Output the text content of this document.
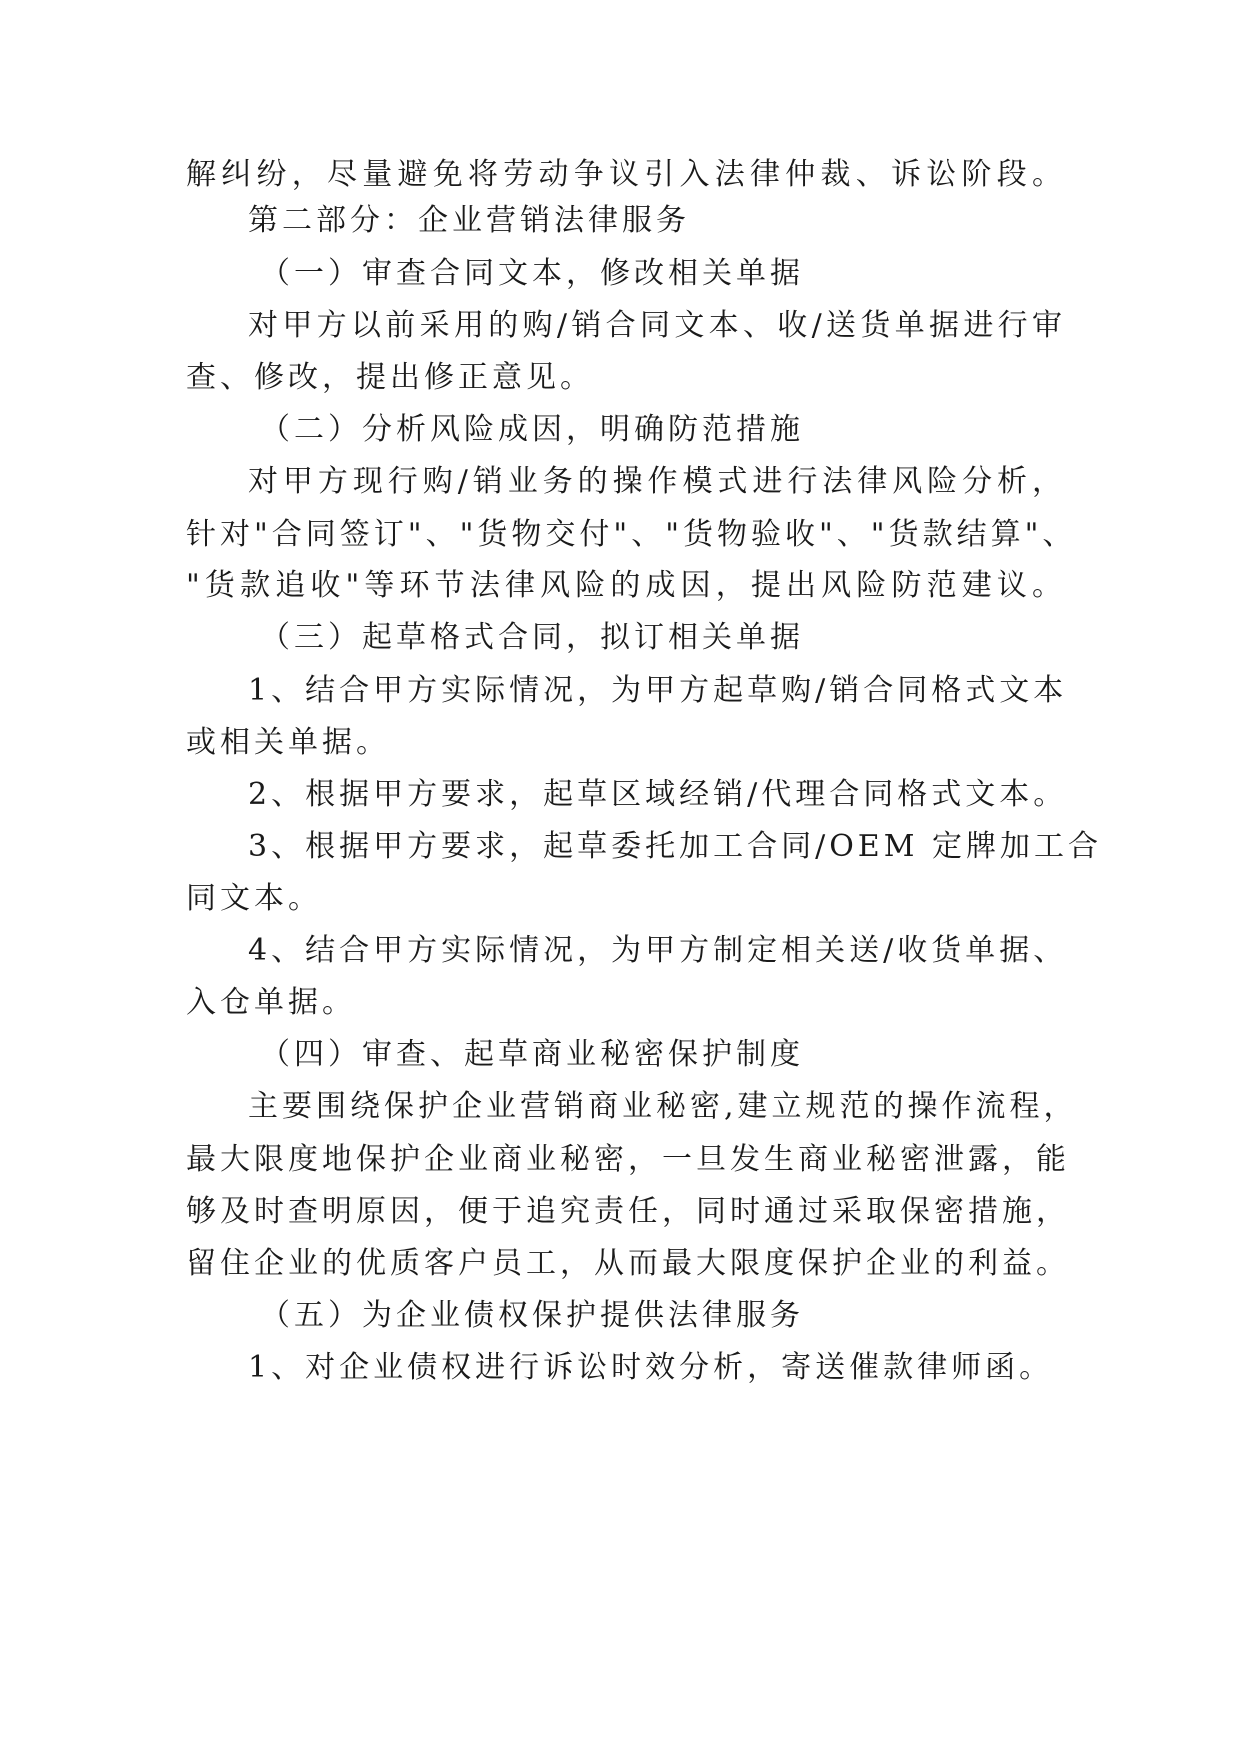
解纠纷，尽量避免将劳动争议引入法律仲裁、诉讼阶段。
第二部分：企业营销法律服务
（一）审查合同文本，修改相关单据
对甲方以前采用的购/销合同文本、收/送货单据进行审
查、修改，提出修正意见。
（二）分析风险成因，明确防范措施
对甲方现行购/销业务的操作模式进行法律风险分析，
针对"合同签订"、"货物交付"、"货物验收"、"货款结算"、
"货款追收"等环节法律风险的成因，提出风险防范建议。
（三）起草格式合同，拟订相关单据
1、结合甲方实际情况，为甲方起草购/销合同格式文本
或相关单据。
2、根据甲方要求，起草区域经销/代理合同格式文本。
3、根据甲方要求，起草委托加工合同/OEM 定牌加工合
同文本。
4、结合甲方实际情况，为甲方制定相关送/收货单据、
入仓单据。
（四）审查、起草商业秘密保护制度
主要围绕保护企业营销商业秘密,建立规范的操作流程，
最大限度地保护企业商业秘密，一旦发生商业秘密泄露，能
够及时查明原因，便于追究责任，同时通过采取保密措施，
留住企业的优质客户员工，从而最大限度保护企业的利益。
（五）为企业债权保护提供法律服务
1、对企业债权进行诉讼时效分析，寄送催款律师函。
